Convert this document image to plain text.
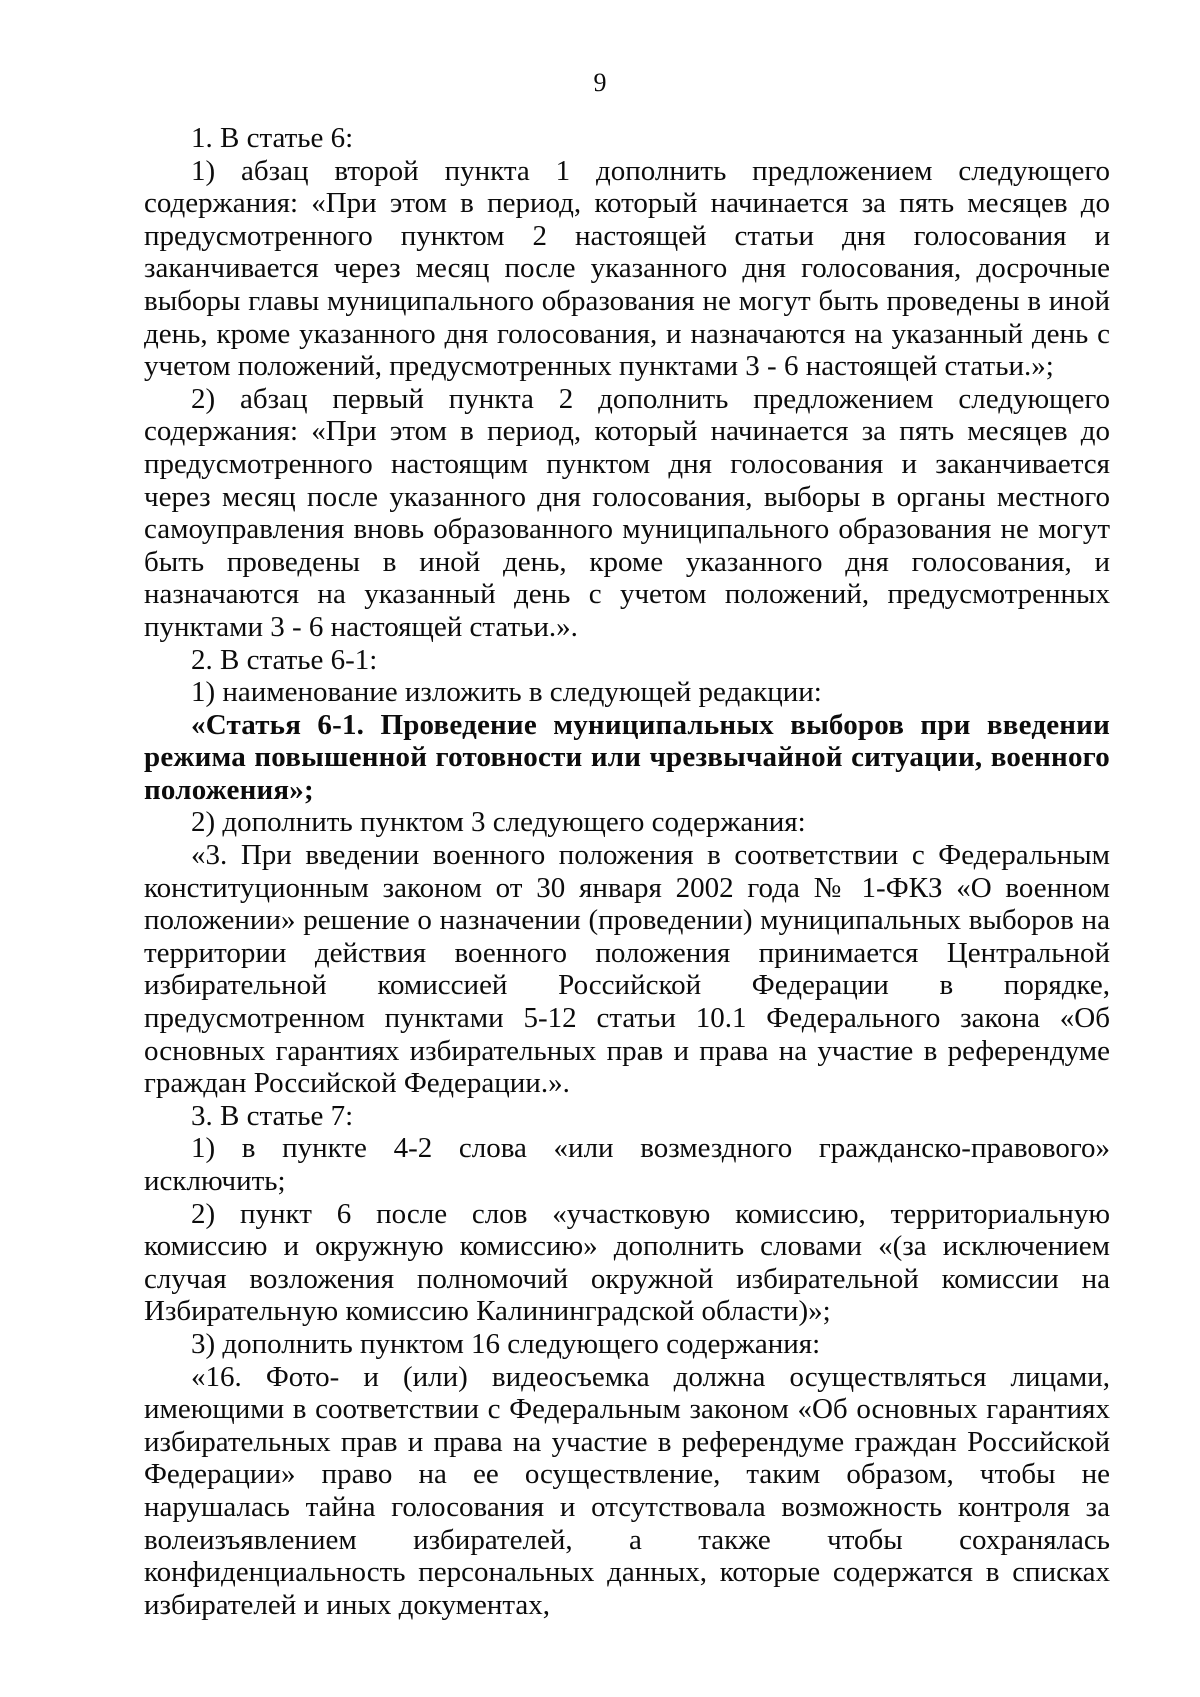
9

1. В статье 6:

1) абзац второй пункта 1 дополнить предложением следующего содержания: «При этом в период, который начинается за пять месяцев до предусмотренного пунктом 2 настоящей статьи дня голосования и заканчивается через месяц после указанного дня голосования, досрочные выборы главы муниципального образования не могут быть проведены в иной день, кроме указанного дня голосования, и назначаются на указанный день с учетом положений, предусмотренных пунктами 3 - 6 настоящей статьи.»;

2) абзац первый пункта 2 дополнить предложением следующего содержания: «При этом в период, который начинается за пять месяцев до предусмотренного настоящим пунктом дня голосования и заканчивается через месяц после указанного дня голосования, выборы в органы местного самоуправления вновь образованного муниципального образования не могут быть проведены в иной день, кроме указанного дня голосования, и назначаются на указанный день с учетом положений, предусмотренных пунктами 3 - 6 настоящей статьи.».

2. В статье 6-1:

1) наименование изложить в следующей редакции:

«Статья 6-1. Проведение муниципальных выборов при введении режима повышенной готовности или чрезвычайной ситуации, военного положения»;

2) дополнить пунктом 3 следующего содержания:

«3. При введении военного положения в соответствии с Федеральным конституционным законом от 30 января 2002 года № 1-ФКЗ «О военном положении» решение о назначении (проведении) муниципальных выборов на территории действия военного положения принимается Центральной избирательной комиссией Российской Федерации в порядке, предусмотренном пунктами 5-12 статьи 10.1 Федерального закона «Об основных гарантиях избирательных прав и права на участие в референдуме граждан Российской Федерации.».

3. В статье 7:

1) в пункте 4-2 слова «или возмездного гражданско-правового» исключить;

2) пункт 6 после слов «участковую комиссию, территориальную комиссию и окружную комиссию» дополнить словами «(за исключением случая возложения полномочий окружной избирательной комиссии на Избирательную комиссию Калининградской области)»;

3) дополнить пунктом 16 следующего содержания:

«16. Фото- и (или) видеосъемка должна осуществляться лицами, имеющими в соответствии с Федеральным законом «Об основных гарантиях избирательных прав и права на участие в референдуме граждан Российской Федерации» право на ее осуществление, таким образом, чтобы не нарушалась тайна голосования и отсутствовала возможность контроля за волеизъявлением избирателей, а также чтобы сохранялась конфиденциальность персональных данных, которые содержатся в списках избирателей и иных документах,
